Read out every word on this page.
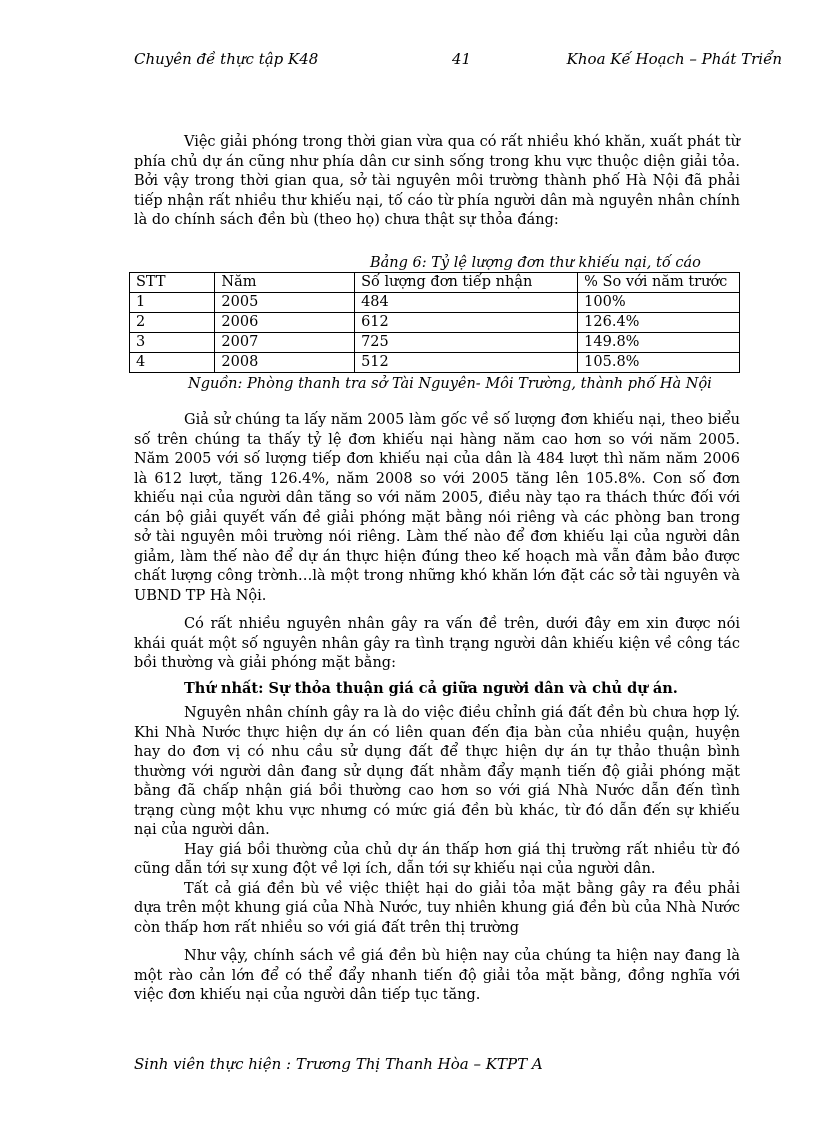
Chuyên đề thực tập K48	41	Khoa Kế Hoạch – Phát Triển
Việc giải phóng trong thời gian vừa qua có rất nhiều khó khăn, xuất phát từ phía chủ dự án cũng như phía dân cư sinh sống trong khu vực thuộc diện giải tỏa. Bởi vậy trong thời gian qua, sở tài nguyên môi trường thành phố Hà Nội đã phải tiếp nhận rất nhiều thư khiếu nại, tố cáo từ phía người dân mà nguyên nhân chính là do chính sách đền bù (theo họ) chưa thật sự thỏa đáng:
Bảng 6: Tỷ lệ lượng đơn thư khiếu nại, tố cáo
STT	Năm	Số lượng đơn tiếp nhận	% So với năm trước
1	2005	484	100%
2	2006	612	126.4%
3	2007	725	149.8%
4	2008	512	105.8%
Nguồn: Phòng thanh tra sở Tài Nguyên- Môi Trường, thành phố Hà Nội

Giả sử chúng ta lấy năm 2005 làm gốc về số lượng đơn khiếu nại, theo biểu số trên chúng ta thấy tỷ lệ đơn khiếu nại hàng năm cao hơn so với năm 2005. Năm 2005 với số lượng tiếp đơn khiếu nại của dân là 484 lượt thì năm năm 2006 là 612 lượt, tăng 126.4%, năm 2008 so với 2005 tăng lên 105.8%. Con số đơn khiếu nại của người dân tăng so với năm 2005, điều này tạo ra thách thức đối với cán bộ giải quyết vấn đề giải phóng mặt bằng nói riêng và các phòng ban trong sở tài nguyên môi trường nói riêng. Làm thế nào để đơn khiếu lại của người dân giảm, làm thế nào để dự án thực hiện đúng theo kế hoạch mà vẫn đảm bảo được chất lượng công trờnh…là một trong những khó khăn lớn đặt các sở tài nguyên và UBND TP Hà Nội.

Có rất nhiều nguyên nhân gây ra vấn đề trên, dưới đây em xin được nói khái quát một số nguyên nhân gây ra tình trạng người dân khiếu kiện về công tác bồi thường và giải phóng mặt bằng:

Thứ nhất: Sự thỏa thuận giá cả giữa người dân và chủ dự án.

Nguyên nhân chính gây ra là do việc điều chỉnh giá đất đền bù chưa hợp lý. Khi Nhà Nước thực hiện dự án có liên quan đến địa bàn của nhiều quận, huyện hay do đơn vị có nhu cầu sử dụng đất để thực hiện dự án tự thảo thuận bình thường với người dân đang sử dụng đất nhằm đẩy mạnh tiến độ giải phóng mặt bằng đã chấp nhận giá bồi thường cao hơn so với giá Nhà Nước dẫn đến tình trạng cùng một khu vực nhưng có mức giá đền bù khác, từ đó dẫn đến sự khiếu nại của người dân.

Hay giá bồi thường của chủ dự án thấp hơn giá thị trường rất nhiều từ đó cũng dẫn tới sự xung đột về lợi ích, dẫn tới sự khiếu nại của người dân.

Tất cả giá đền bù về việc thiệt hại do giải tỏa mặt bằng gây ra đều phải dựa trên một khung giá của Nhà Nước, tuy nhiên khung giá đền bù của Nhà Nước còn thấp hơn rất nhiều so với giá đất trên thị trường

Như vậy, chính sách về giá đền bù hiện nay của chúng ta hiện nay đang là một rào cản lớn để có thể đẩy nhanh tiến độ giải tỏa mặt bằng, đồng nghĩa với việc đơn khiếu nại của người dân tiếp tục tăng.

Sinh viên thực hiện : Trương Thị Thanh Hòa – KTPT A
